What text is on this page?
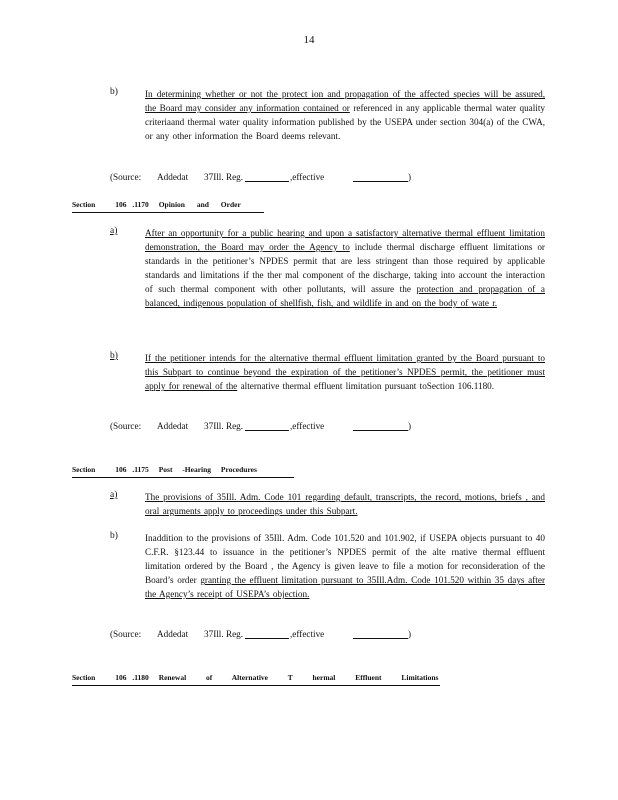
14
b)	In determining whether or not the protect ion and propagation of the affected species will be assured, the Board may consider any information contained or referenced in any applicable thermal water quality criteriaand thermal water quality information published by the USEPA under section 304(a) of the CWA, or any other information the Board deems relevant.
(Source: Addedat 37Ill. Reg.	,effective	)
Section	106 .1170 Opinion and Order
a)	After an opportunity for a public hearing and upon a satisfactory alternative thermal effluent limitation demonstration, the Board may order the Agency to include thermal discharge effluent limitations or standards in the petitioner’s NPDES permit that are less stringent than those required by applicable standards and limitations if the ther mal component of the discharge, taking into account the interaction of such thermal component with other pollutants, will assure the protection and propagation of a balanced, indigenous population of shellfish, fish, and wildlife in and on the body of wate r.
b)	If the petitioner intends for the alternative thermal effluent limitation granted by the Board pursuant to this Subpart to continue beyond the expiration of the petitioner’s NPDES permit, the petitioner must apply for renewal of the alternative thermal effluent limitation pursuant toSection 106.1180.
(Source: Addedat 37Ill. Reg.	,effective	)
Section	106 .1175 Post -Hearing Procedures
a)	The provisions of 35Ill. Adm. Code 101 regarding default, transcripts, the record, motions, briefs , and oral arguments apply to proceedings under this Subpart.
b)	Inaddition to the provisions of 35Ill. Adm. Code 101.520 and 101.902, if USEPA objects pursuant to 40 C.F.R. §123.44 to issuance in the petitioner’s NPDES permit of the alte rnative thermal effluent limitation ordered by the Board , the Agency is given leave to file a motion for reconsideration of the Board’s order granting the effluent limitation pursuant to 35Ill.Adm. Code 101.520 within 35 days after the Agency’s receipt of USEPA’s objection.
(Source: Addedat 37Ill. Reg.	,effective	)
Section	106 .1180 Renewal of Alternative T hermal Effluent Limitations
